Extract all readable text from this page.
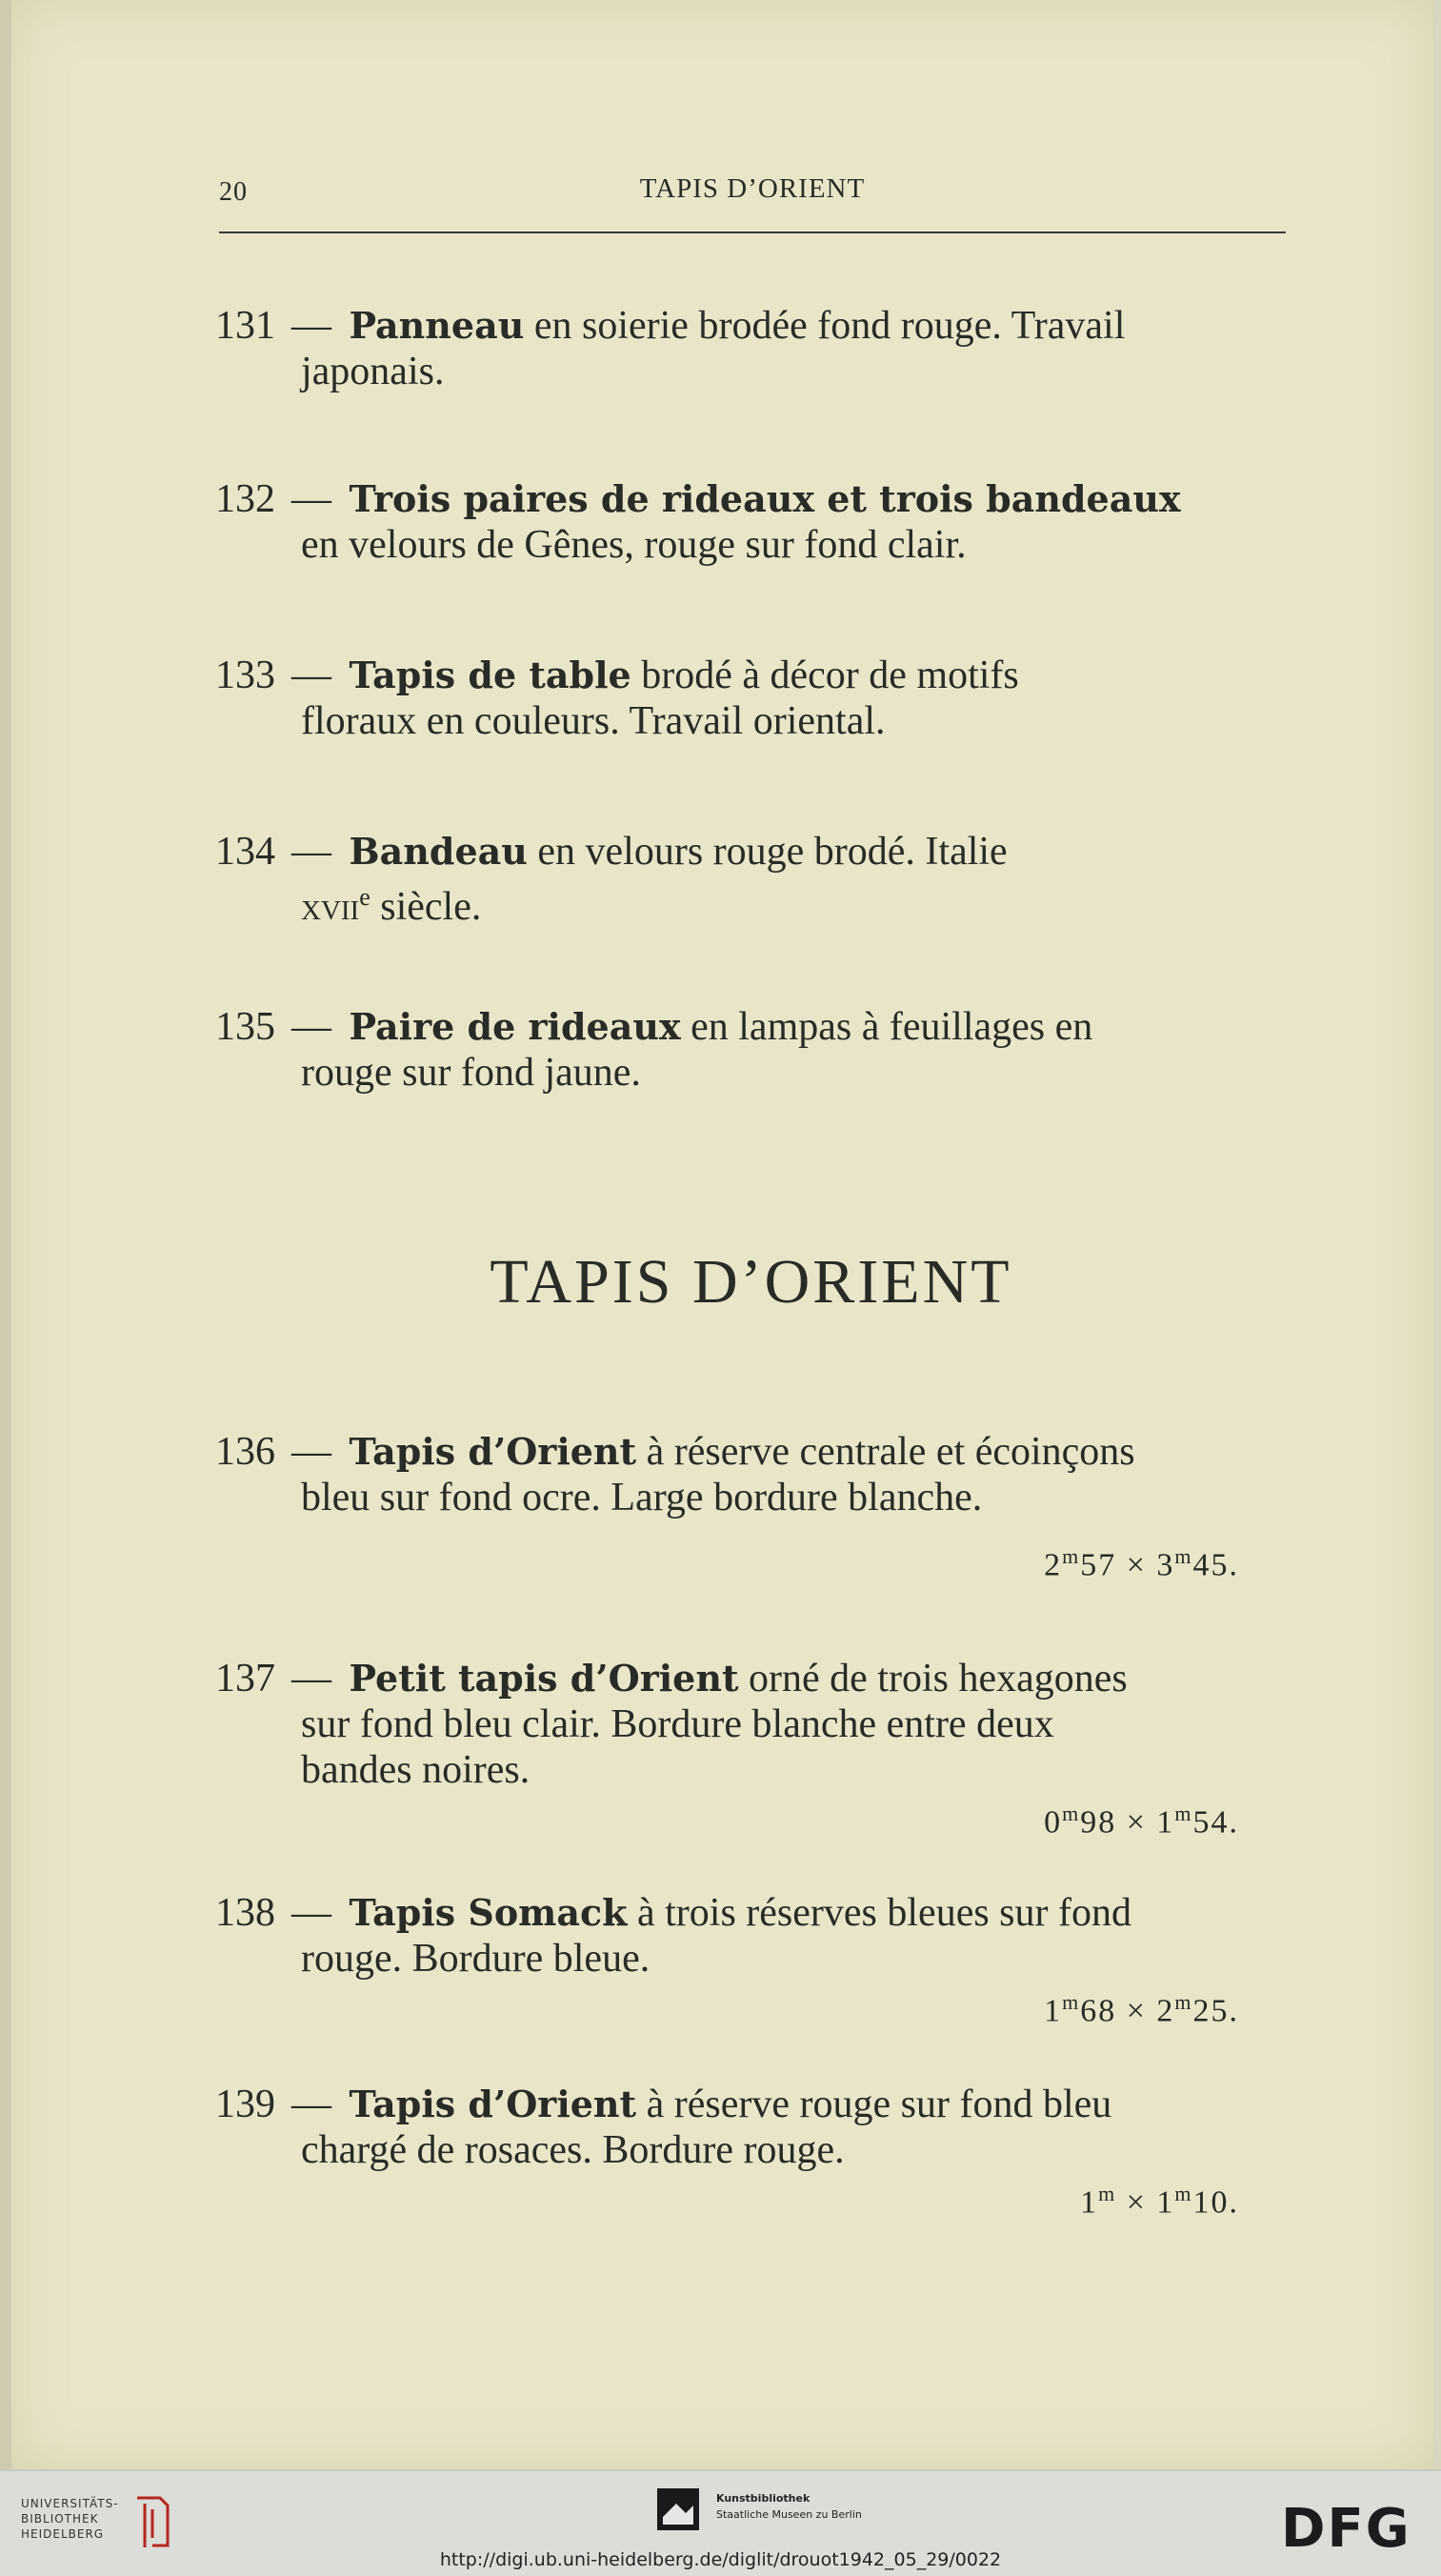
20	TAPIS D’ORIENT
131 — Panneau en soierie brodée fond rouge. Travail
japonais.
132 — Trois paires de rideaux et trois bandeaux
en velours de Gênes, rouge sur fond clair.
133 — Tapis de table brodé à décor de motifs
floraux en couleurs. Travail oriental.
134 — Bandeau en velours rouge brodé. Italie
xvii$^e$ siècle.
135 — Paire de rideaux en lampas à feuillages en
rouge sur fond jaune.
TAPIS D’ORIENT
136 — Tapis d’Orient à réserve centrale et écoinçons
bleu sur fond ocre. Large bordure blanche.
$2^m57 \times 3^m45$.
137 — Petit tapis d’Orient orné de trois hexagones
sur fond bleu clair. Bordure blanche entre deux
bandes noires.
$0^m98 \times 1^m54$.
138 — Tapis Somack à trois réserves bleues sur fond
rouge. Bordure bleue.
$1^m68 \times 2^m25$.
139 — Tapis d’Orient à réserve rouge sur fond bleu
chargé de rosaces. Bordure rouge.
$1^m \times 1^m10$.
UNIVERSITÄTS-
BIBLIOTHEK
HEIDELBERG
Kunstbibliothek
Staatliche Museen zu Berlin	DFG
http://digi.ub.uni-heidelberg.de/diglit/drouot1942_05_29/0022
